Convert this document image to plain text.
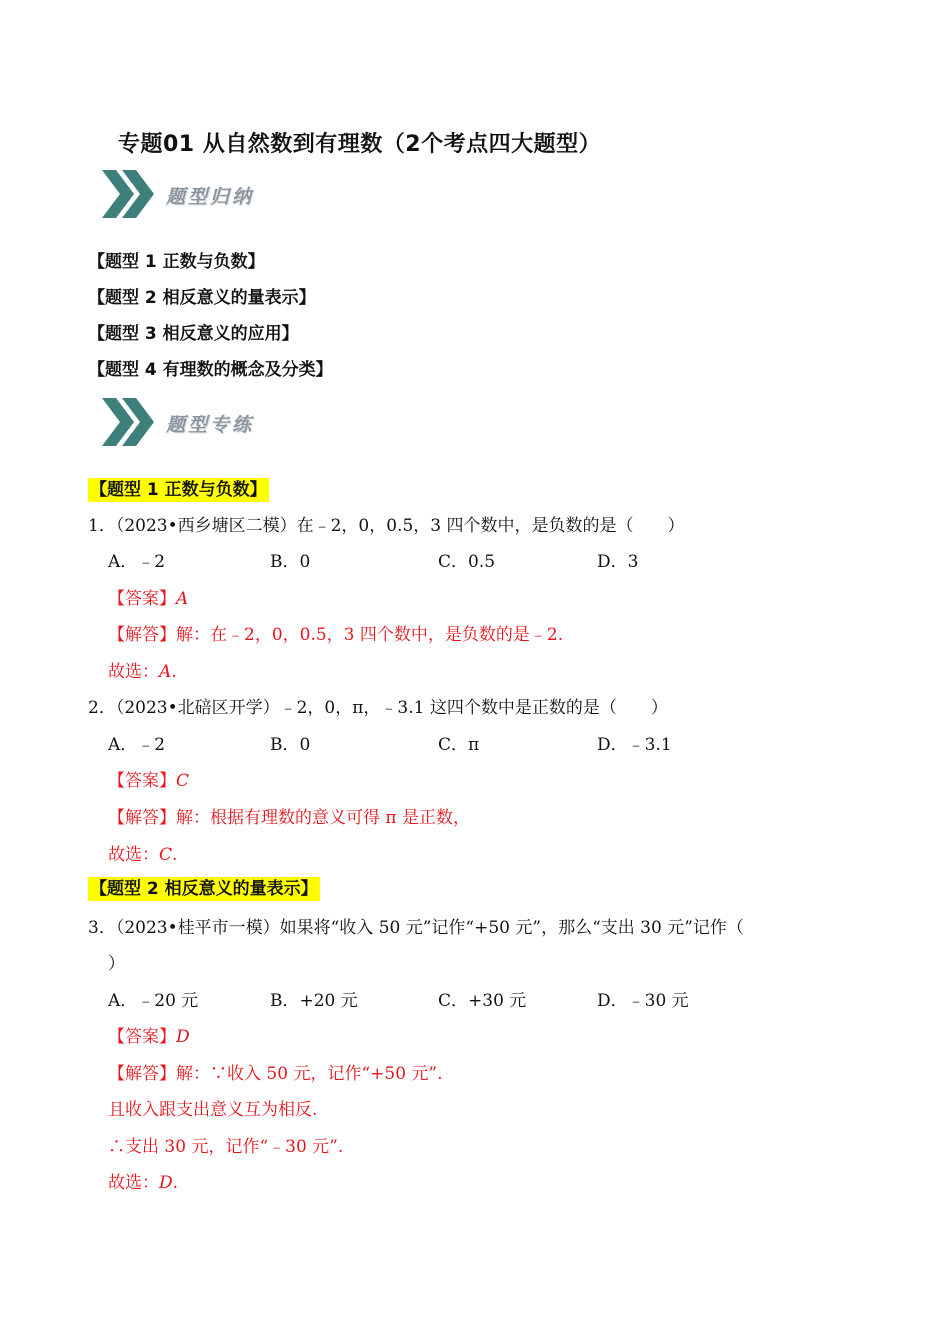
专题01 从自然数到有理数（2个考点四大题型）
题型归纳
【题型 1 正数与负数】
【题型 2 相反意义的量表示】
【题型 3 相反意义的应用】
【题型 4 有理数的概念及分类】
题型专练
【题型 1 正数与负数】
1．（2023•西乡塘区二模）在﹣2，0，0.5，3 四个数中，是负数的是（　　）
A．﹣2	B．0	C．0.5	D．3
【答案】A
【解答】解：在﹣2，0，0.5，3 四个数中，是负数的是﹣2.
故选：A.
2．（2023•北碚区开学）﹣2，0，π，﹣3.1 这四个数中是正数的是（　　）
A．﹣2	B．0	C．π	D．﹣3.1
【答案】C
【解答】解：根据有理数的意义可得 π 是正数，
故选：C.
【题型 2 相反意义的量表示】
3．（2023•桂平市一模）如果将“收入 50 元”记作“+50 元”，那么“支出 30 元”记作（
）
A．﹣20 元	B．+20 元	C．+30 元	D．﹣30 元
【答案】D
【解答】解：∵收入 50 元，记作“+50 元”.
且收入跟支出意义互为相反.
∴支出 30 元，记作“﹣30 元”.
故选：D.
